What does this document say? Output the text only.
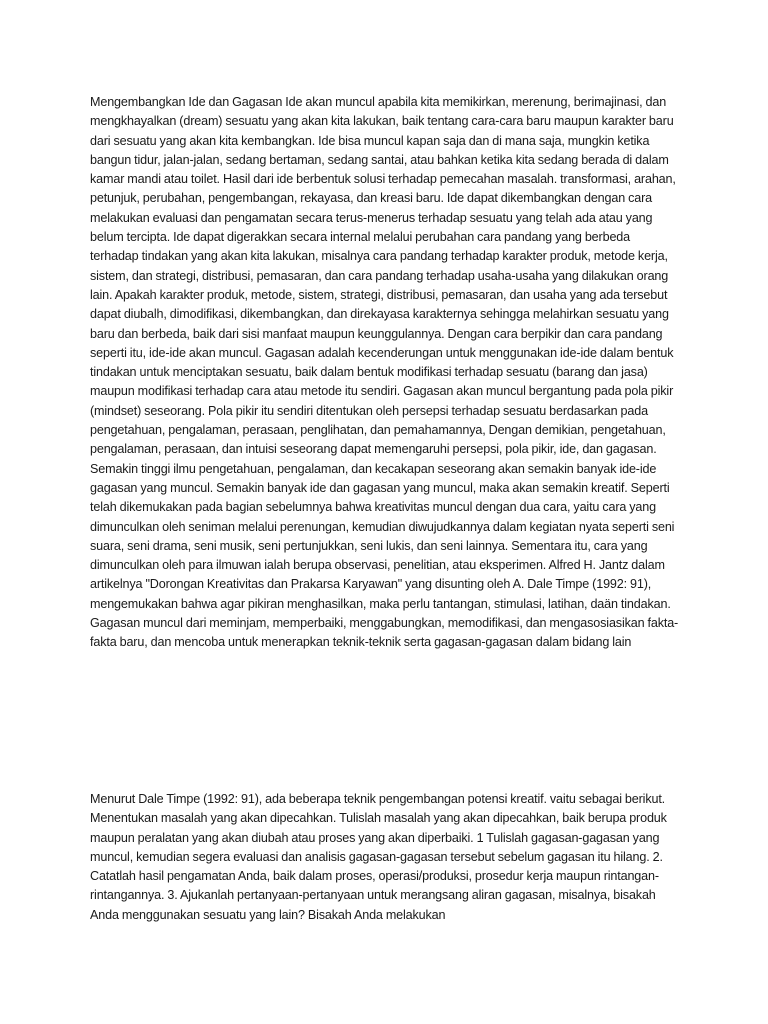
Mengembangkan Ide dan Gagasan Ide akan muncul apabila kita memikirkan, merenung, berimajinasi, dan mengkhayalkan (dream) sesuatu yang akan kita lakukan, baik tentang cara-cara baru maupun karakter baru dari sesuatu yang akan kita kembangkan. Ide bisa muncul kapan saja dan di mana saja, mungkin ketika bangun tidur, jalan-jalan, sedang bertaman, sedang santai, atau bahkan ketika kita sedang berada di dalam kamar mandi atau toilet. Hasil dari ide berbentuk solusi terhadap pemecahan masalah. transformasi, arahan, petunjuk, perubahan, pengembangan, rekayasa, dan kreasi baru. Ide dapat dikembangkan dengan cara melakukan evaluasi dan pengamatan secara terus-menerus terhadap sesuatu yang telah ada atau yang belum tercipta. Ide dapat digerakkan secara internal melalui perubahan cara pandang yang berbeda terhadap tindakan yang akan kita lakukan, misalnya cara pandang terhadap karakter produk, metode kerja, sistem, dan strategi, distribusi, pemasaran, dan cara pandang terhadap usaha-usaha yang dilakukan orang lain. Apakah karakter produk, metode, sistem, strategi, distribusi, pemasaran, dan usaha yang ada tersebut dapat diubalh, dimodifikasi, dikembangkan, dan direkayasa karakternya sehingga melahirkan sesuatu yang baru dan berbeda, baik dari sisi manfaat maupun keunggulannya. Dengan cara berpikir dan cara pandang seperti itu, ide-ide akan muncul. Gagasan adalah kecenderungan untuk menggunakan ide-ide dalam bentuk tindakan untuk menciptakan sesuatu, baik dalam bentuk modifikasi terhadap sesuatu (barang dan jasa) maupun modifikasi terhadap cara atau metode itu sendiri. Gagasan akan muncul bergantung pada pola pikir (mindset) seseorang. Pola pikir itu sendiri ditentukan oleh persepsi terhadap sesuatu berdasarkan pada pengetahuan, pengalaman, perasaan, penglihatan, dan pemahamannya, Dengan demikian, pengetahuan, pengalaman, perasaan, dan intuisi seseorang dapat memengaruhi persepsi, pola pikir, ide, dan gagasan. Semakin tinggi ilmu pengetahuan, pengalaman, dan kecakapan seseorang akan semakin banyak ide-ide gagasan yang muncul. Semakin banyak ide dan gagasan yang muncul, maka akan semakin kreatif. Seperti telah dikemukakan pada bagian sebelumnya bahwa kreativitas muncul dengan dua cara, yaitu cara yang dimunculkan oleh seniman melalui perenungan, kemudian diwujudkannya dalam kegiatan nyata seperti seni suara, seni drama, seni musik, seni pertunjukkan, seni lukis, dan seni lainnya. Sementara itu, cara yang dimunculkan oleh para ilmuwan ialah berupa observasi, penelitian, atau eksperimen. Alfred H. Jantz dalam artikelnya "Dorongan Kreativitas dan Prakarsa Karyawan" yang disunting oleh A. Dale Timpe (1992: 91), mengemukakan bahwa agar pikiran menghasilkan, maka perlu tantangan, stimulasi, latihan, daän tindakan. Gagasan muncul dari meminjam, memperbaiki, menggabungkan, memodifikasi, dan mengasosiasikan fakta-fakta baru, dan mencoba untuk menerapkan teknik-teknik serta gagasan-gagasan dalam bidang lain

Menurut Dale Timpe (1992: 91), ada beberapa teknik pengembangan potensi kreatif. vaitu sebagai berikut. Menentukan masalah yang akan dipecahkan. Tulislah masalah yang akan dipecahkan, baik berupa produk maupun peralatan yang akan diubah atau proses yang akan diperbaiki. 1 Tulislah gagasan-gagasan yang muncul, kemudian segera evaluasi dan analisis gagasan-gagasan tersebut sebelum gagasan itu hilang. 2. Catatlah hasil pengamatan Anda, baik dalam proses, operasi/produksi, prosedur kerja maupun rintangan-rintangannya. 3. Ajukanlah pertanyaan-pertanyaan untuk merangsang aliran gagasan, misalnya, bisakah Anda menggunakan sesuatu yang lain? Bisakah Anda melakukan
